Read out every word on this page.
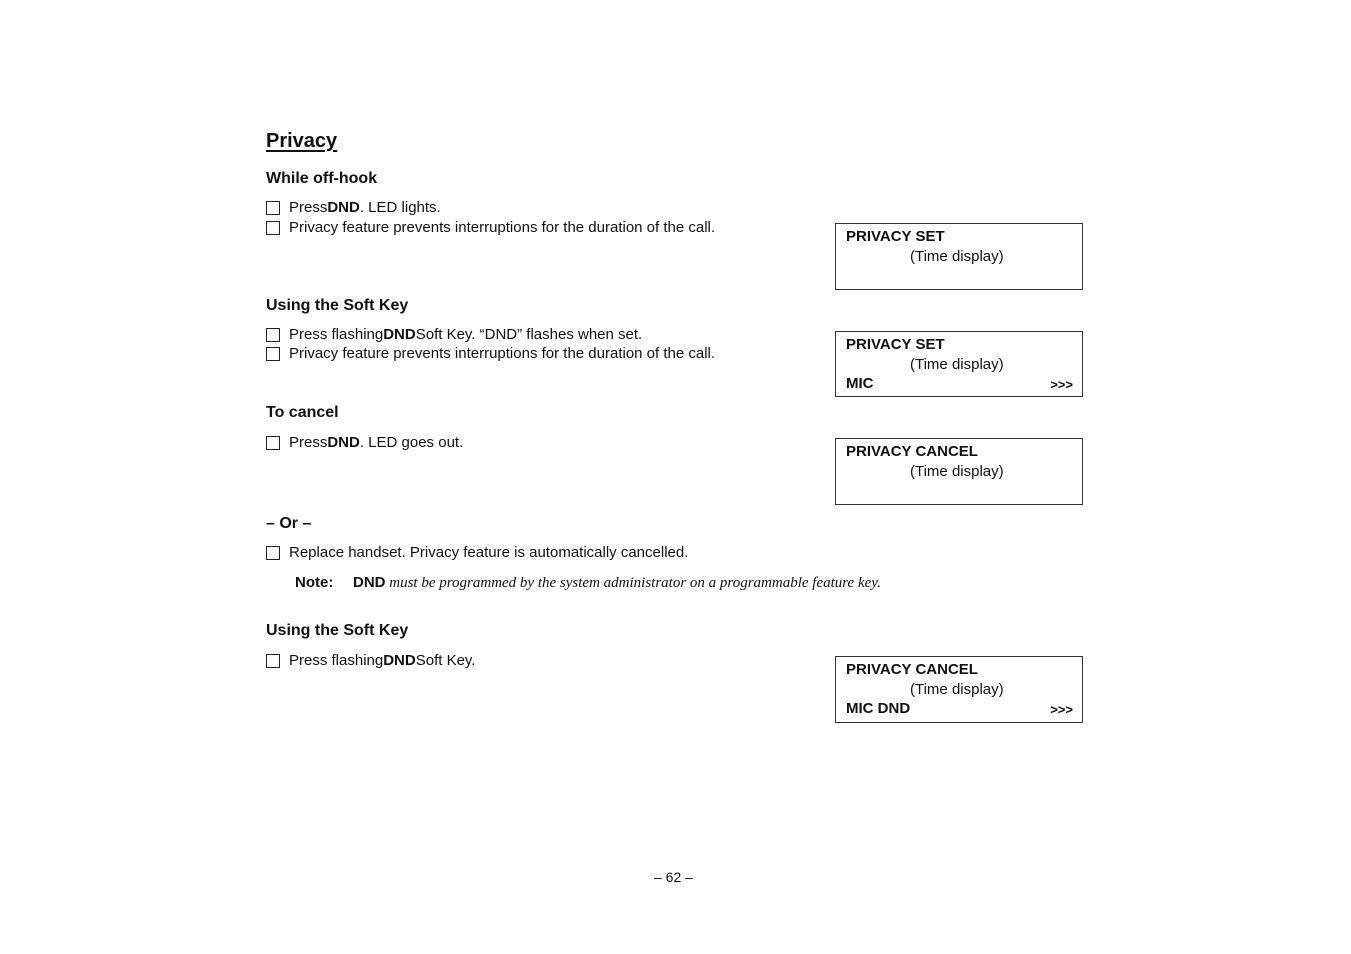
Privacy
While off-hook
Press DND . LED lights.
Privacy feature prevents interruptions for the duration of the call.
Using the Soft Key
Press flashing DND Soft Key. “DND” flashes when set.
Privacy feature prevents interruptions for the duration of the call.
To cancel
Press DND . LED goes out.
– Or –
Replace handset. Privacy feature is automatically cancelled.
Note: DND must be programmed by the system administrator on a programmable feature key.
Using the Soft Key
Press flashing DND Soft Key.
PRIVACY SET
(Time display)
PRIVACY SET
(Time display)
MIC	>>>
PRIVACY CANCEL
(Time display)
PRIVACY CANCEL
(Time display)
MIC DND	>>>
– 62 –
